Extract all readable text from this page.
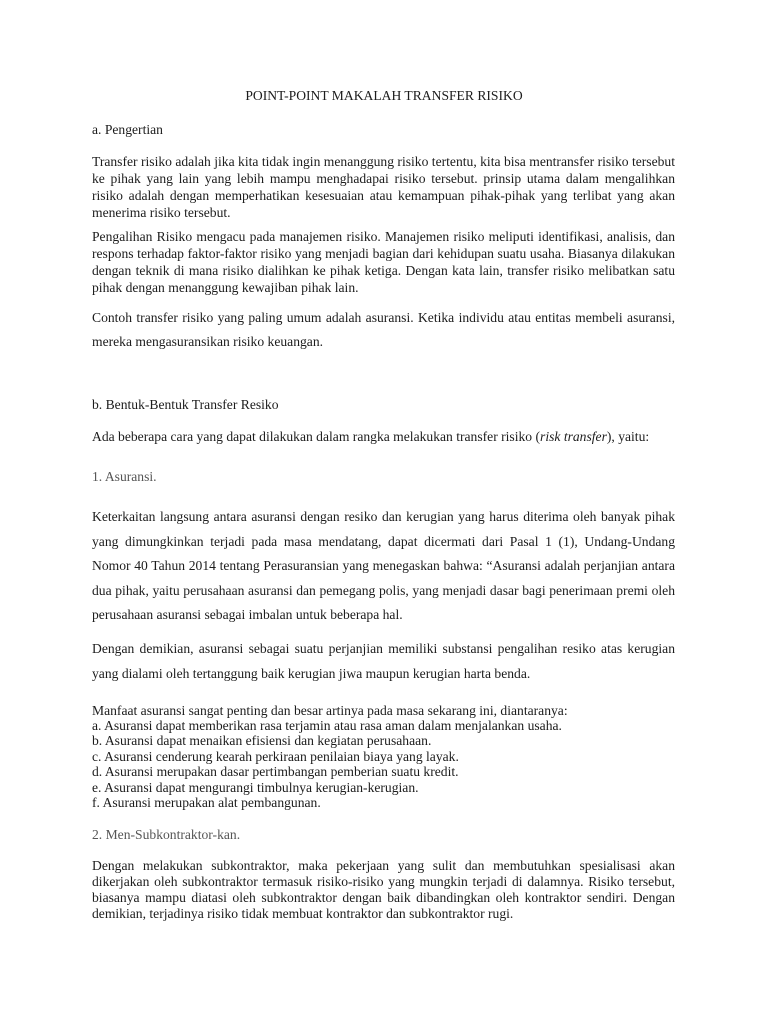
POINT-POINT MAKALAH TRANSFER RISIKO

a. Pengertian

Transfer risiko adalah jika kita tidak ingin menanggung risiko tertentu, kita bisa mentransfer risiko tersebut ke pihak yang lain yang lebih mampu menghadapai risiko tersebut. prinsip utama dalam mengalihkan risiko adalah dengan memperhatikan kesesuaian atau kemampuan pihak-pihak yang terlibat yang akan menerima risiko tersebut.

Pengalihan Risiko mengacu pada manajemen risiko. Manajemen risiko meliputi identifikasi, analisis, dan respons terhadap faktor-faktor risiko yang menjadi bagian dari kehidupan suatu usaha. Biasanya dilakukan dengan teknik di mana risiko dialihkan ke pihak ketiga. Dengan kata lain, transfer risiko melibatkan satu pihak dengan menanggung kewajiban pihak lain.

Contoh transfer risiko yang paling umum adalah asuransi. Ketika individu atau entitas membeli asuransi, mereka mengasuransikan risiko keuangan.

b. Bentuk-Bentuk Transfer Resiko

Ada beberapa cara yang dapat dilakukan dalam rangka melakukan transfer risiko (risk transfer), yaitu:

1. Asuransi.

Keterkaitan langsung antara asuransi dengan resiko dan kerugian yang harus diterima oleh banyak pihak yang dimungkinkan terjadi pada masa mendatang, dapat dicermati dari Pasal 1 (1), Undang-Undang Nomor 40 Tahun 2014 tentang Perasuransian yang menegaskan bahwa: “Asuransi adalah perjanjian antara dua pihak, yaitu perusahaan asuransi dan pemegang polis, yang menjadi dasar bagi penerimaan premi oleh perusahaan asuransi sebagai imbalan untuk beberapa hal.

Dengan demikian, asuransi sebagai suatu perjanjian memiliki substansi pengalihan resiko atas kerugian yang dialami oleh tertanggung baik kerugian jiwa maupun kerugian harta benda.

Manfaat asuransi sangat penting dan besar artinya pada masa sekarang ini, diantaranya:

a. Asuransi dapat memberikan rasa terjamin atau rasa aman dalam menjalankan usaha.

b. Asuransi dapat menaikan efisiensi dan kegiatan perusahaan.

c. Asuransi cenderung kearah perkiraan penilaian biaya yang layak.

d. Asuransi merupakan dasar pertimbangan pemberian suatu kredit.

e. Asuransi dapat mengurangi timbulnya kerugian-kerugian.

f. Asuransi merupakan alat pembangunan.

2. Men-Subkontraktor-kan.

Dengan melakukan subkontraktor, maka pekerjaan yang sulit dan membutuhkan spesialisasi akan dikerjakan oleh subkontraktor termasuk risiko-risiko yang mungkin terjadi di dalamnya. Risiko tersebut, biasanya mampu diatasi oleh subkontraktor dengan baik dibandingkan oleh kontraktor sendiri. Dengan demikian, terjadinya risiko tidak membuat kontraktor dan subkontraktor rugi.
